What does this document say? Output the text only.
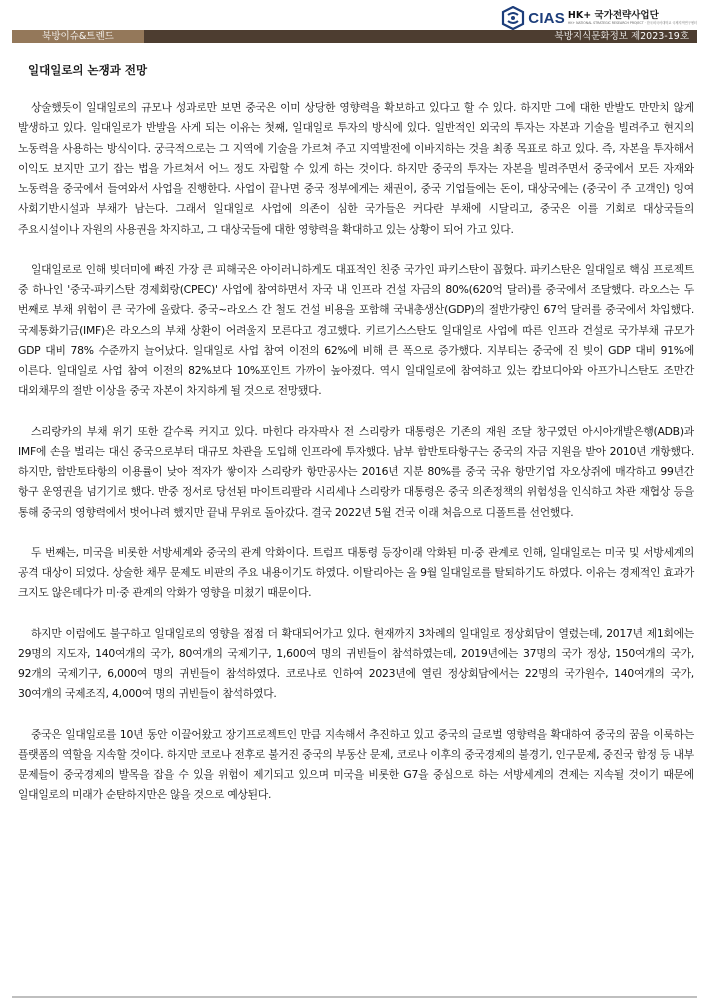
CIAS HK+ 국가전략사업단
HK+ NATIONAL STRATEGIC RESEARCH PROJECT · 한국외국어대학교 국제지역연구센터
북방이슈&트렌드	북방지식문화정보 제2023-19호
일대일로의 논쟁과 전망

상술했듯이 일대일로의 규모나 성과로만 보면 중국은 이미 상당한 영향력을 확보하고 있다고 할 수 있다. 하지만 그에 대한 반발도 만만치 않게 발생하고 있다. 일대일로가 반발을 사게 되는 이유는 첫째, 일대일로 투자의 방식에 있다. 일반적인 외국의 투자는 자본과 기술을 빌려주고 현지의 노동력을 사용하는 방식이다. 궁극적으로는 그 지역에 기술을 가르쳐 주고 지역발전에 이바지하는 것을 최종 목표로 하고 있다. 즉, 자본을 투자해서 이익도 보지만 고기 잡는 법을 가르쳐서 어느 정도 자립할 수 있게 하는 것이다. 하지만 중국의 투자는 자본을 빌려주면서 중국에서 모든 자재와 노동력을 중국에서 들여와서 사업을 진행한다. 사업이 끝나면 중국 정부에게는 채권이, 중국 기업들에는 돈이, 대상국에는 (중국이 주 고객인) 잉여 사회기반시설과 부채가 남는다. 그래서 일대일로 사업에 의존이 심한 국가들은 커다란 부채에 시달리고, 중국은 이를 기회로 대상국들의 주요시설이나 자원의 사용권을 차지하고, 그 대상국들에 대한 영향력을 확대하고 있는 상황이 되어 가고 있다.

일대일로로 인해 빚더미에 빠진 가장 큰 피해국은 아이러니하게도 대표적인 친중 국가인 파키스탄이 꼽혔다. 파키스탄은 일대일로 핵심 프로젝트 중 하나인 '중국-파키스탄 경제회랑(CPEC)' 사업에 참여하면서 자국 내 인프라 건설 자금의 80%(620억 달러)를 중국에서 조달했다. 라오스는 두 번째로 부채 위험이 큰 국가에 올랐다. 중국~라오스 간 철도 건설 비용을 포함해 국내총생산(GDP)의 절반가량인 67억 달러를 중국에서 차입했다. 국제통화기금(IMF)은 라오스의 부채 상환이 어려울지 모른다고 경고했다. 키르기스스탄도 일대일로 사업에 따른 인프라 건설로 국가부채 규모가 GDP 대비 78% 수준까지 늘어났다. 일대일로 사업 참여 이전의 62%에 비해 큰 폭으로 증가했다. 지부티는 중국에 진 빚이 GDP 대비 91%에 이른다. 일대일로 사업 참여 이전의 82%보다 10%포인트 가까이 높아졌다. 역시 일대일로에 참여하고 있는 캄보디아와 아프가니스탄도 조만간 대외채무의 절반 이상을 중국 자본이 차지하게 될 것으로 전망됐다.

스리랑카의 부채 위기 또한 갈수록 커지고 있다. 마힌다 라자팍사 전 스리랑카 대통령은 기존의 재원 조달 창구였던 아시아개발은행(ADB)과 IMF에 손을 벌리는 대신 중국으로부터 대규모 차관을 도입해 인프라에 투자했다. 남부 함반토타항구는 중국의 자금 지원을 받아 2010년 개항했다. 하지만, 함반토타항의 이용률이 낮아 적자가 쌓이자 스리랑카 항만공사는 2016년 지분 80%를 중국 국유 항만기업 자오상쥐에 매각하고 99년간 항구 운영권을 넘기기로 했다. 반중 정서로 당선된 마이트리팔라 시리세나 스리랑카 대통령은 중국 의존정책의 위험성을 인식하고 차관 재협상 등을 통해 중국의 영향력에서 벗어나려 했지만 끝내 무위로 돌아갔다. 결국 2022년 5월 건국 이래 처음으로 디폴트를 선언했다.

두 번째는, 미국을 비롯한 서방세계와 중국의 관계 악화이다. 트럼프 대통령 등장이래 악화된 미·중 관계로 인해, 일대일로는 미국 및 서방세계의 공격 대상이 되었다. 상술한 채무 문제도 비판의 주요 내용이기도 하였다. 이탈리아는 올 9월 일대일로를 탈퇴하기도 하였다. 이유는 경제적인 효과가 크지도 않은데다가 미·중 관계의 악화가 영향을 미쳤기 때문이다.

하지만 이럼에도 불구하고 일대일로의 영향을 점점 더 확대되어가고 있다. 현재까지 3차례의 일대일로 정상회담이 열렸는데, 2017년 제1회에는 29명의 지도자, 140여개의 국가, 80여개의 국제기구, 1,600여 명의 귀빈들이 참석하였는데, 2019년에는 37명의 국가 정상, 150여개의 국가, 92개의 국제기구, 6,000여 명의 귀빈들이 참석하였다. 코로나로 인하여 2023년에 열린 정상회담에서는 22명의 국가원수, 140여개의 국가, 30여개의 국제조직, 4,000여 명의 귀빈들이 참석하였다.

중국은 일대일로를 10년 동안 이끌어왔고 장기프로젝트인 만큼 지속해서 추진하고 있고 중국의 글로벌 영향력을 확대하여 중국의 꿈을 이룩하는 플랫폼의 역할을 지속할 것이다. 하지만 코로나 전후로 불거진 중국의 부동산 문제, 코로나 이후의 중국경제의 불경기, 인구문제, 중진국 함정 등 내부 문제들이 중국경제의 발목을 잡을 수 있을 위험이 제기되고 있으며 미국을 비롯한 G7을 중심으로 하는 서방세계의 견제는 지속될 것이기 때문에 일대일로의 미래가 순탄하지만은 않을 것으로 예상된다.
